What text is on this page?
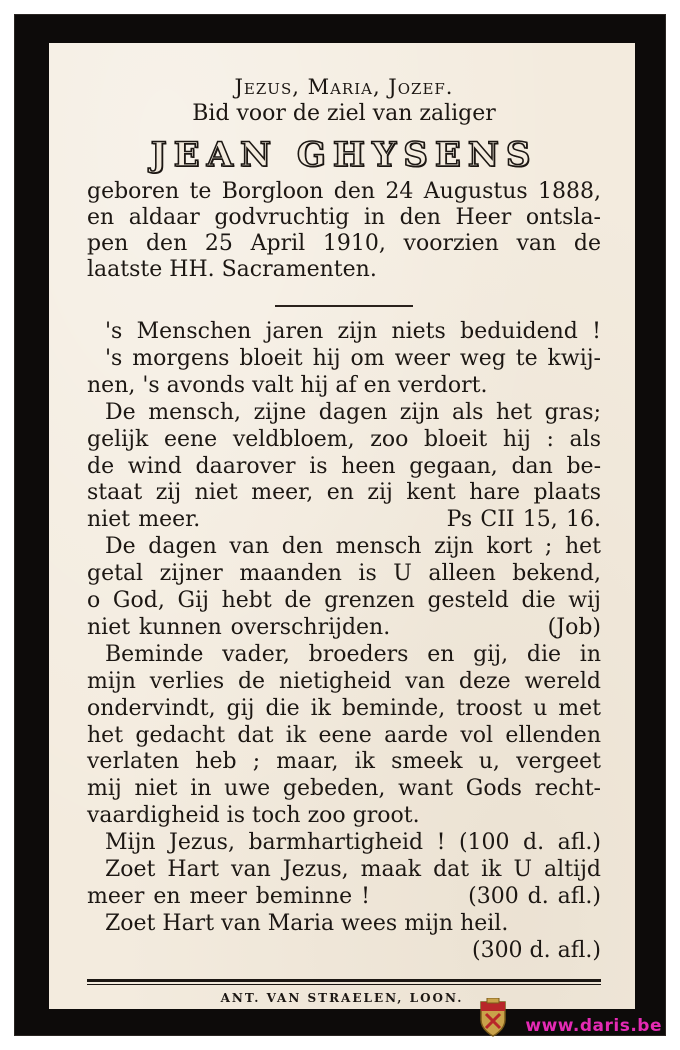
Jezus, Maria, Jozef.
Bid voor de ziel van zaliger
JEAN GHYSENS
geboren te Borgloon den 24 Augustus 1888,
en aldaar godvruchtig in den Heer ontsla-
pen den 25 April 1910, voorzien van de
laatste HH. Sacramenten.
's Menschen jaren zijn niets beduidend !
's morgens bloeit hij om weer weg te kwij-
nen, 's avonds valt hij af en verdort.
De mensch, zijne dagen zijn als het gras;
gelijk eene veldbloem, zoo bloeit hij : als
de wind daarover is heen gegaan, dan be-
staat zij niet meer, en zij kent hare plaats
niet meer.                              Ps CII 15, 16.
De dagen van den mensch zijn kort ; het
getal zijner maanden is U alleen bekend,
o God, Gij hebt de grenzen gesteld die wij
niet kunnen overschrijden.                  (Job)
Beminde vader, broeders en gij, die in
mijn verlies de nietigheid van deze wereld
ondervindt, gij die ik beminde, troost u met
het gedacht dat ik eene aarde vol ellenden
verlaten heb ; maar, ik smeek u, vergeet
mij niet in uwe gebeden, want Gods recht-
vaardigheid is toch zoo groot.
Mijn Jezus, barmhartigheid ! (100 d. afl.)
Zoet Hart van Jezus, maak dat ik U altijd
meer en meer beminne !           (300 d. afl.)
Zoet Hart van Maria wees mijn heil.
(300 d. afl.)
ANT. VAN STRAELEN, LOON.
www.daris.be
